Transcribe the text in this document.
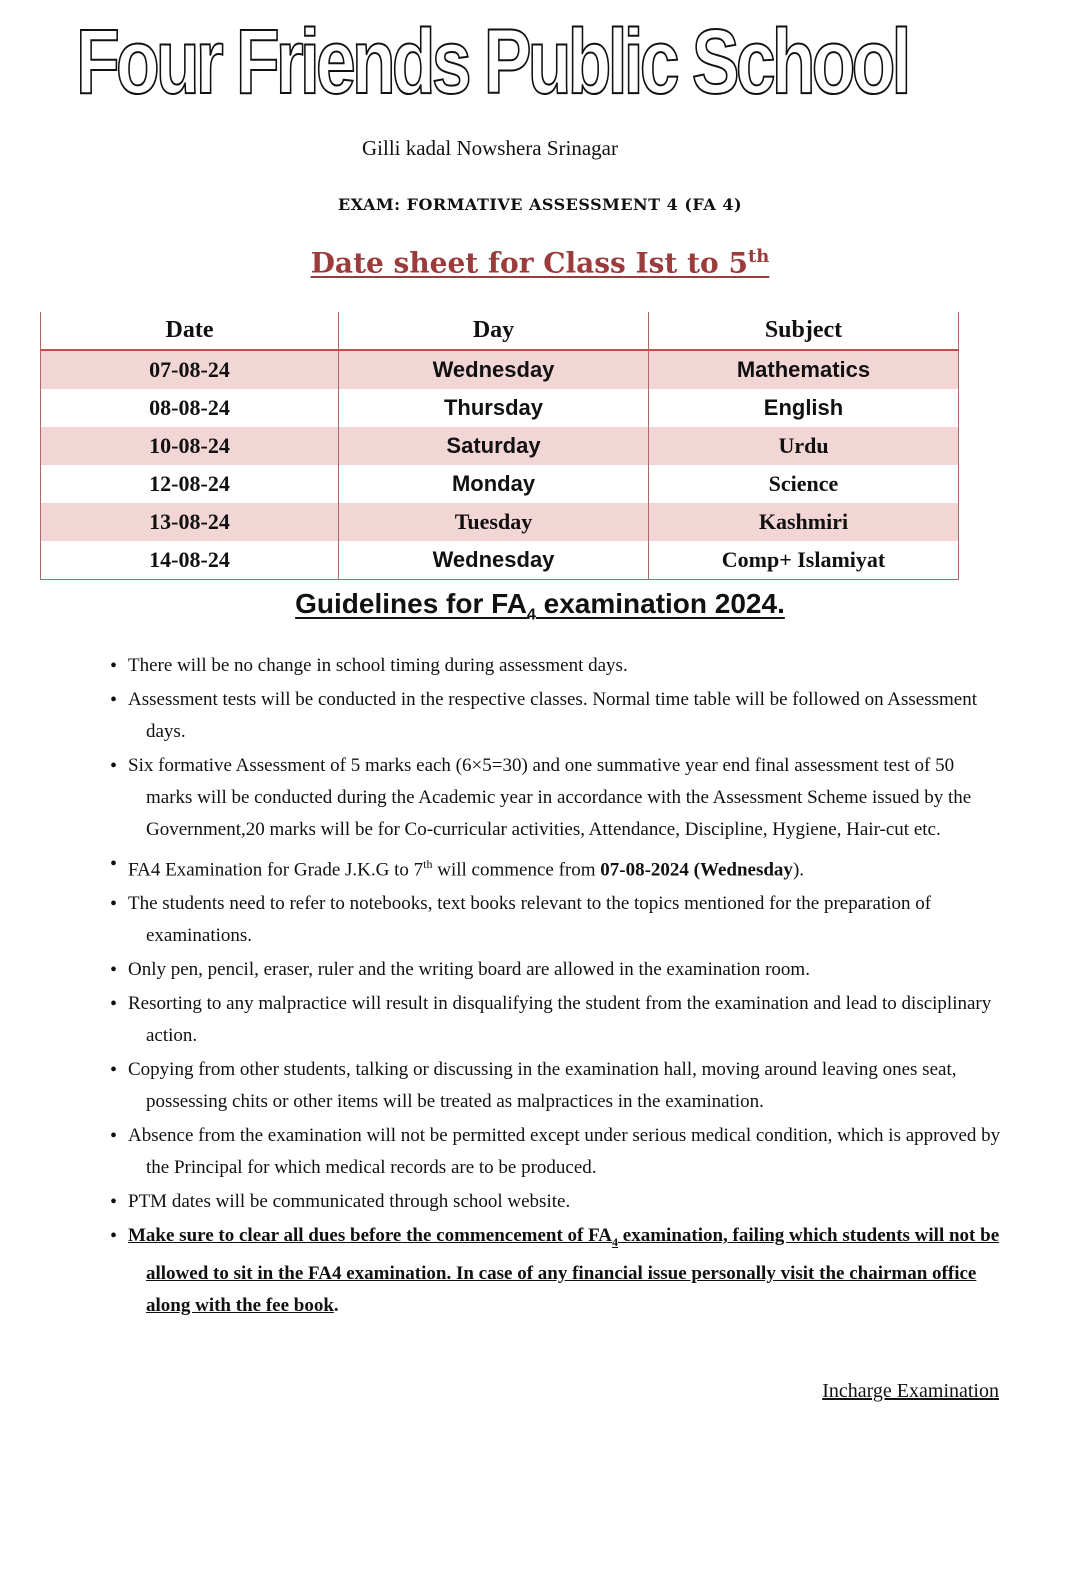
Four Friends Public School
Gilli kadal Nowshera Srinagar
EXAM: FORMATIVE ASSESSMENT 4 (FA 4)
Date sheet for Class Ist to 5th
Date	Day	Subject
07-08-24	Wednesday	Mathematics
08-08-24	Thursday	English
10-08-24	Saturday	Urdu
12-08-24	Monday	Science
13-08-24	Tuesday	Kashmiri
14-08-24	Wednesday	Comp+ Islamiyat
Guidelines for $FA_4$ examination 2024.
• There will be no change in school timing during assessment days.
• Assessment tests will be conducted in the respective classes. Normal time table will be followed on Assessment days.
• Six formative Assessment of 5 marks each (6×5=30) and one summative year end final assessment test of 50 marks will be conducted during the Academic year in accordance with the Assessment Scheme issued by the Government,20 marks will be for Co-curricular activities, Attendance, Discipline, Hygiene, Hair-cut etc.
• FA4 Examination for Grade J.K.G to 7th will commence from 07-08-2024 (Wednesday).
• The students need to refer to notebooks, text books relevant to the topics mentioned for the preparation of examinations.
• Only pen, pencil, eraser, ruler and the writing board are allowed in the examination room.
• Resorting to any malpractice will result in disqualifying the student from the examination and lead to disciplinary action.
• Copying from other students, talking or discussing in the examination hall, moving around leaving ones seat, possessing chits or other items will be treated as malpractices in the examination.
• Absence from the examination will not be permitted except under serious medical condition, which is approved by the Principal for which medical records are to be produced.
• PTM dates will be communicated through school website.
• Make sure to clear all dues before the commencement of $FA_4$ examination, failing which students will not be allowed to sit in the FA4 examination. In case of any financial issue personally visit the chairman office along with the fee book.
Incharge Examination
